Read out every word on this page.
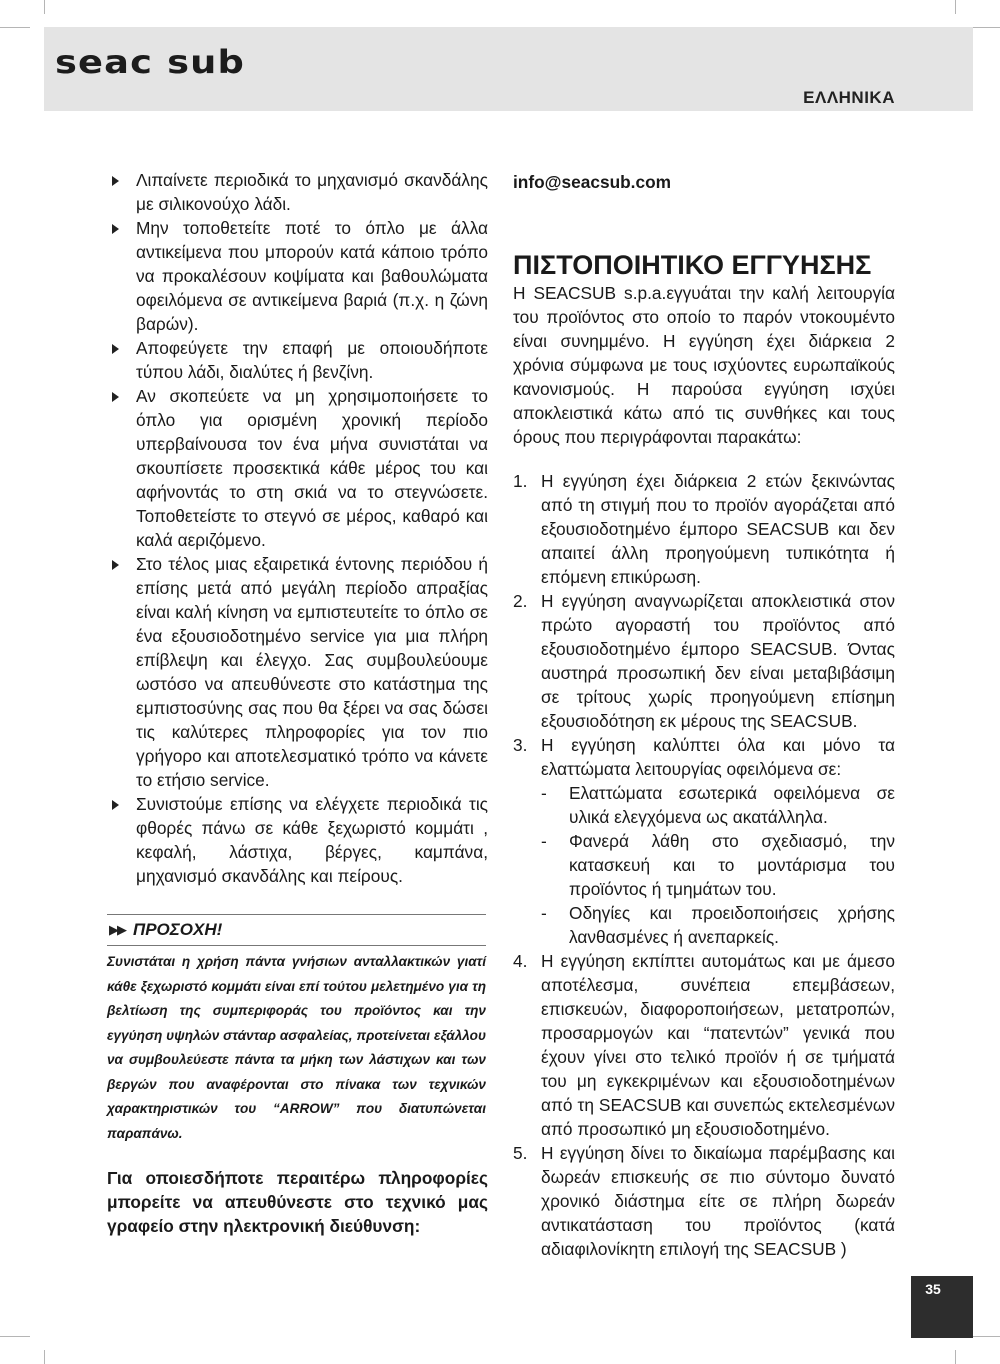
seac sub
ΕΛΛΗΝΙΚΑ
Λιπαίνετε περιοδικά το μηχανισμό σκανδάλης με σιλικονούχο λάδι.
Μην τοποθετείτε ποτέ το όπλο με άλλα αντικείμενα που μπορούν κατά κάποιο τρόπο να προκαλέσουν κοψίματα και βαθουλώματα οφειλόμενα σε αντικείμενα βαριά (π.χ. η ζώνη βαρών).
Αποφεύγετε την επαφή με οποιουδήποτε τύπου λάδι, διαλύτες ή βενζίνη.
Αν σκοπεύετε να μη χρησιμοποιήσετε το όπλο για ορισμένη χρονική περίοδο υπερβαίνουσα τον ένα μήνα συνιστάται να σκουπίσετε προσεκτικά κάθε μέρος του και αφήνοντάς το στη σκιά να το στεγνώσετε. Τοποθετείστε το στεγνό σε μέρος, καθαρό και καλά αεριζόμενο.
Στο τέλος μιας εξαιρετικά έντονης περιόδου ή επίσης μετά από μεγάλη περίοδο απραξίας είναι καλή κίνηση να εμπιστευτείτε το όπλο σε ένα εξουσιοδοτημένο service για μια πλήρη επίβλεψη και έλεγχο. Σας συμβουλεύουμε ωστόσο να απευθύνεστε στο κατάστημα της εμπιστοσύνης σας που θα ξέρει να σας δώσει τις καλύτερες πληροφορίες για τον πιο γρήγορο και αποτελεσματικό τρόπο να κάνετε το ετήσιο service.
Συνιστούμε επίσης να ελέγχετε περιοδικά τις φθορές πάνω σε κάθε ξεχωριστό κομμάτι , κεφαλή, λάστιχα, βέργες, καμπάνα, μηχανισμό σκανδάλης και πείρους.
▶▶ ΠΡΟΣΟΧΗ!
Συνιστάται η χρήση πάντα γνήσιων ανταλλακτικών γιατί κάθε ξεχωριστό κομμάτι είναι επί τούτου μελετημένο για τη βελτίωση της συμπεριφοράς του προϊόντος και την εγγύηση υψηλών στάνταρ ασφαλείας, προτείνεται εξάλλου να συμβουλεύεστε πάντα τα μήκη των λάστιχων και των βεργών που αναφέρονται στο πίνακα των τεχνικών χαρακτηριστικών του “ARROW” που διατυπώνεται παραπάνω.
Για οποιεσδήποτε περαιτέρω πληροφορίες μπορείτε να απευθύνεστε στο τεχνικό μας γραφείο στην ηλεκτρονική διεύθυνση:
info@seacsub.com
ΠΙΣΤΟΠΟΙΗΤΙΚΟ ΕΓΓΥΗΣΗΣ
Η SEACSUB s.p.a.εγγυάται την καλή λειτουργία του προϊόντος στο οποίο το παρόν ντοκουμέντο είναι συνημμένο. Η εγγύηση έχει διάρκεια 2 χρόνια σύμφωνα με τους ισχύοντες ευρωπαϊκούς κανονισμούς. Η παρούσα εγγύηση ισχύει αποκλειστικά κάτω από τις συνθήκες και τους όρους που περιγράφονται παρακάτω:
1. Η εγγύηση έχει διάρκεια 2 ετών ξεκινώντας από τη στιγμή που το προϊόν αγοράζεται από εξουσιοδοτημένο έμπορο SEACSUB και δεν απαιτεί άλλη προηγούμενη τυπικότητα ή επόμενη επικύρωση.
2. Η εγγύηση αναγνωρίζεται αποκλειστικά στον πρώτο αγοραστή του προϊόντος από εξουσιοδοτημένο έμπορο SEACSUB. Όντας αυστηρά προσωπική δεν είναι μεταβιβάσιμη σε τρίτους χωρίς προηγούμενη επίσημη εξουσιοδότηση εκ μέρους της SEACSUB.
3. Η εγγύηση καλύπτει όλα και μόνο τα ελαττώματα λειτουργίας οφειλόμενα σε:
- Ελαττώματα εσωτερικά οφειλόμενα σε υλικά ελεγχόμενα ως ακατάλληλα.
- Φανερά λάθη στο σχεδιασμό, την κατασκευή και το μοντάρισμα του προϊόντος ή τμημάτων του.
- Οδηγίες και προειδοποιήσεις χρήσης λανθασμένες ή ανεπαρκείς.
4. Η εγγύηση εκπίπτει αυτομάτως και με άμεσο αποτέλεσμα, συνέπεια επεμβάσεων, επισκευών, διαφοροποιήσεων, μετατροπών, προσαρμογών και “πατεντών” γενικά που έχουν γίνει στο τελικό προϊόν ή σε τμήματά του μη εγκεκριμένων και εξουσιοδοτημένων από τη SEACSUB και συνεπώς εκτελεσμένων από προσωπικό μη εξουσιοδοτημένο.
5. Η εγγύηση δίνει το δικαίωμα παρέμβασης και δωρεάν επισκευής σε πιο σύντομο δυνατό χρονικό διάστημα είτε σε πλήρη δωρεάν αντικατάσταση του προϊόντος (κατά αδιαφιλονίκητη επιλογή της SEACSUB )
35
